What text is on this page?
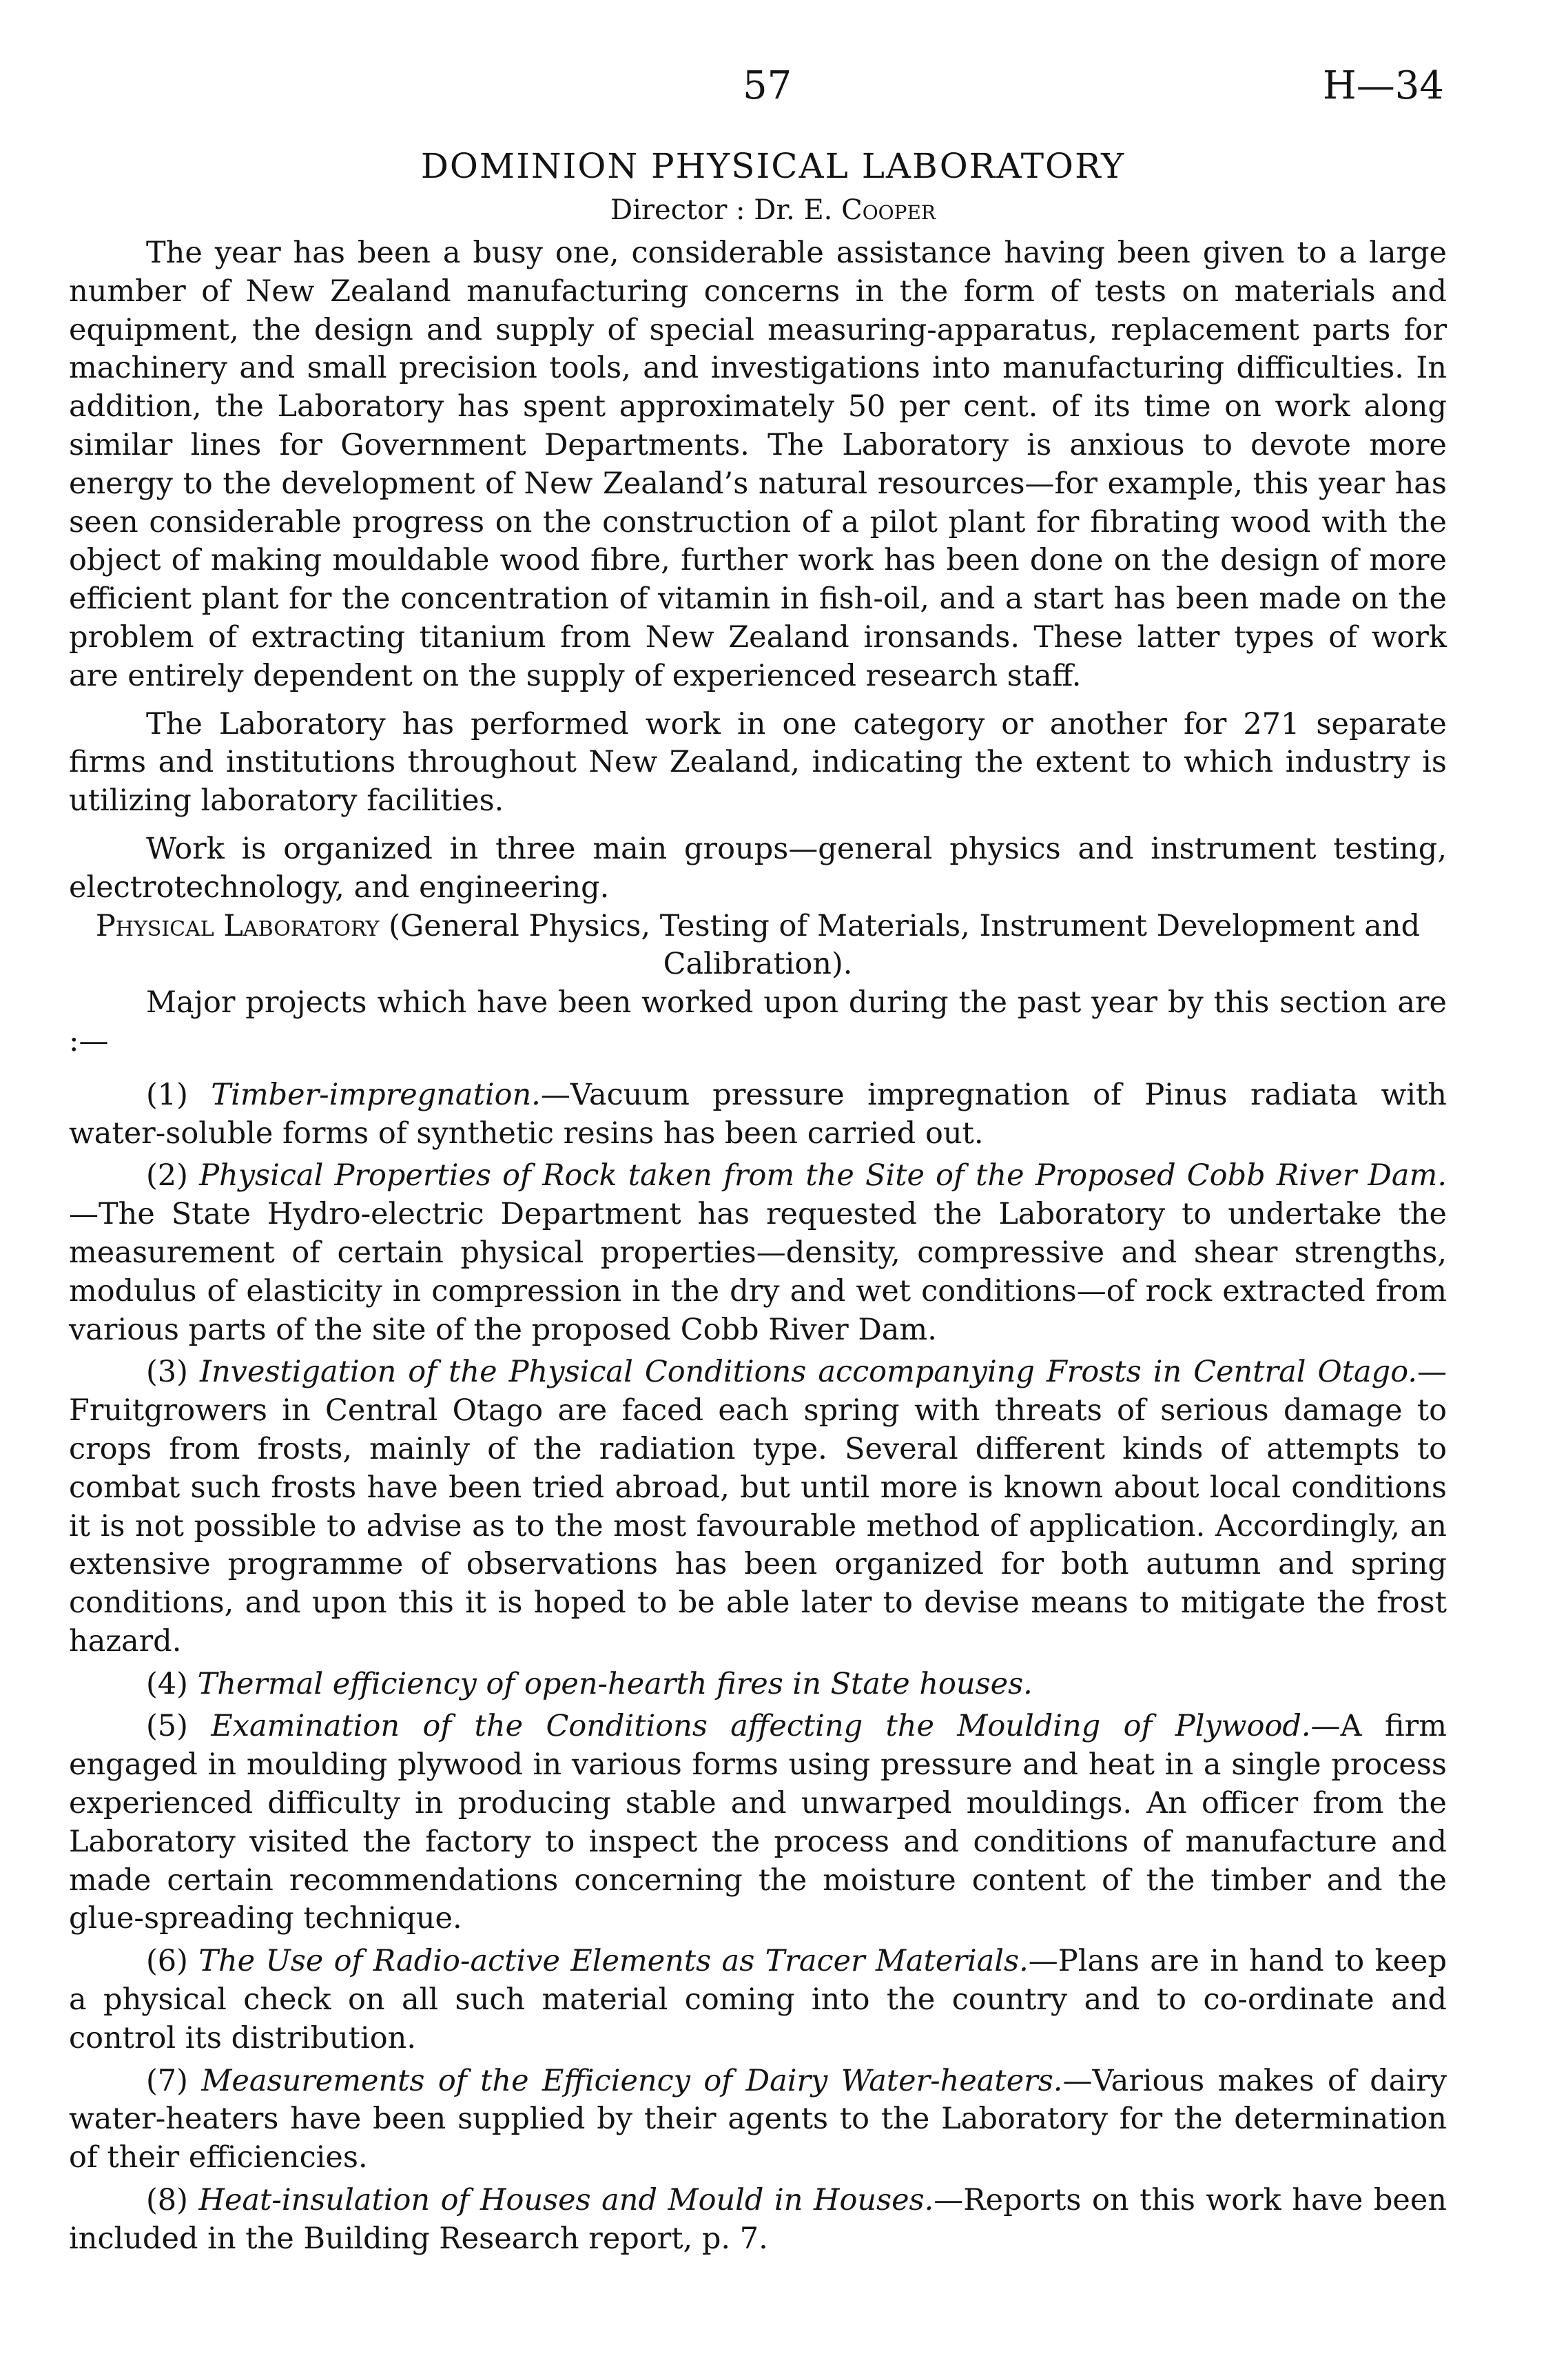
57	H—34
DOMINION PHYSICAL LABORATORY
Director : Dr. E. Cooper

The year has been a busy one, considerable assistance having been given to a large number of New Zealand manufacturing concerns in the form of tests on materials and equipment, the design and supply of special measuring-apparatus, replacement parts for machinery and small precision tools, and investigations into manufacturing difficulties. In addition, the Laboratory has spent approximately 50 per cent. of its time on work along similar lines for Government Departments. The Laboratory is anxious to devote more energy to the development of New Zealand’s natural resources—for example, this year has seen considerable progress on the construction of a pilot plant for fibrating wood with the object of making mouldable wood fibre, further work has been done on the design of more efficient plant for the concentration of vitamin in fish-oil, and a start has been made on the problem of extracting titanium from New Zealand ironsands. These latter types of work are entirely dependent on the supply of experienced research staff.

The Laboratory has performed work in one category or another for 271 separate firms and institutions throughout New Zealand, indicating the extent to which industry is utilizing laboratory facilities.

Work is organized in three main groups—general physics and instrument testing, electrotechnology, and engineering.

Physical Laboratory (General Physics, Testing of Materials, Instrument Development and Calibration).

Major projects which have been worked upon during the past year by this section are :—

(1) Timber-impregnation.—Vacuum pressure impregnation of Pinus radiata with water-soluble forms of synthetic resins has been carried out.

(2) Physical Properties of Rock taken from the Site of the Proposed Cobb River Dam.—The State Hydro-electric Department has requested the Laboratory to undertake the measurement of certain physical properties—density, compressive and shear strengths, modulus of elasticity in compression in the dry and wet conditions—of rock extracted from various parts of the site of the proposed Cobb River Dam.

(3) Investigation of the Physical Conditions accompanying Frosts in Central Otago.—Fruitgrowers in Central Otago are faced each spring with threats of serious damage to crops from frosts, mainly of the radiation type. Several different kinds of attempts to combat such frosts have been tried abroad, but until more is known about local conditions it is not possible to advise as to the most favourable method of application. Accordingly, an extensive programme of observations has been organized for both autumn and spring conditions, and upon this it is hoped to be able later to devise means to mitigate the frost hazard.

(4) Thermal efficiency of open-hearth fires in State houses.

(5) Examination of the Conditions affecting the Moulding of Plywood.—A firm engaged in moulding plywood in various forms using pressure and heat in a single process experienced difficulty in producing stable and unwarped mouldings. An officer from the Laboratory visited the factory to inspect the process and conditions of manufacture and made certain recommendations concerning the moisture content of the timber and the glue-spreading technique.

(6) The Use of Radio-active Elements as Tracer Materials.—Plans are in hand to keep a physical check on all such material coming into the country and to co-ordinate and control its distribution.

(7) Measurements of the Efficiency of Dairy Water-heaters.—Various makes of dairy water-heaters have been supplied by their agents to the Laboratory for the determination of their efficiencies.

(8) Heat-insulation of Houses and Mould in Houses.—Reports on this work have been included in the Building Research report, p. 7.
